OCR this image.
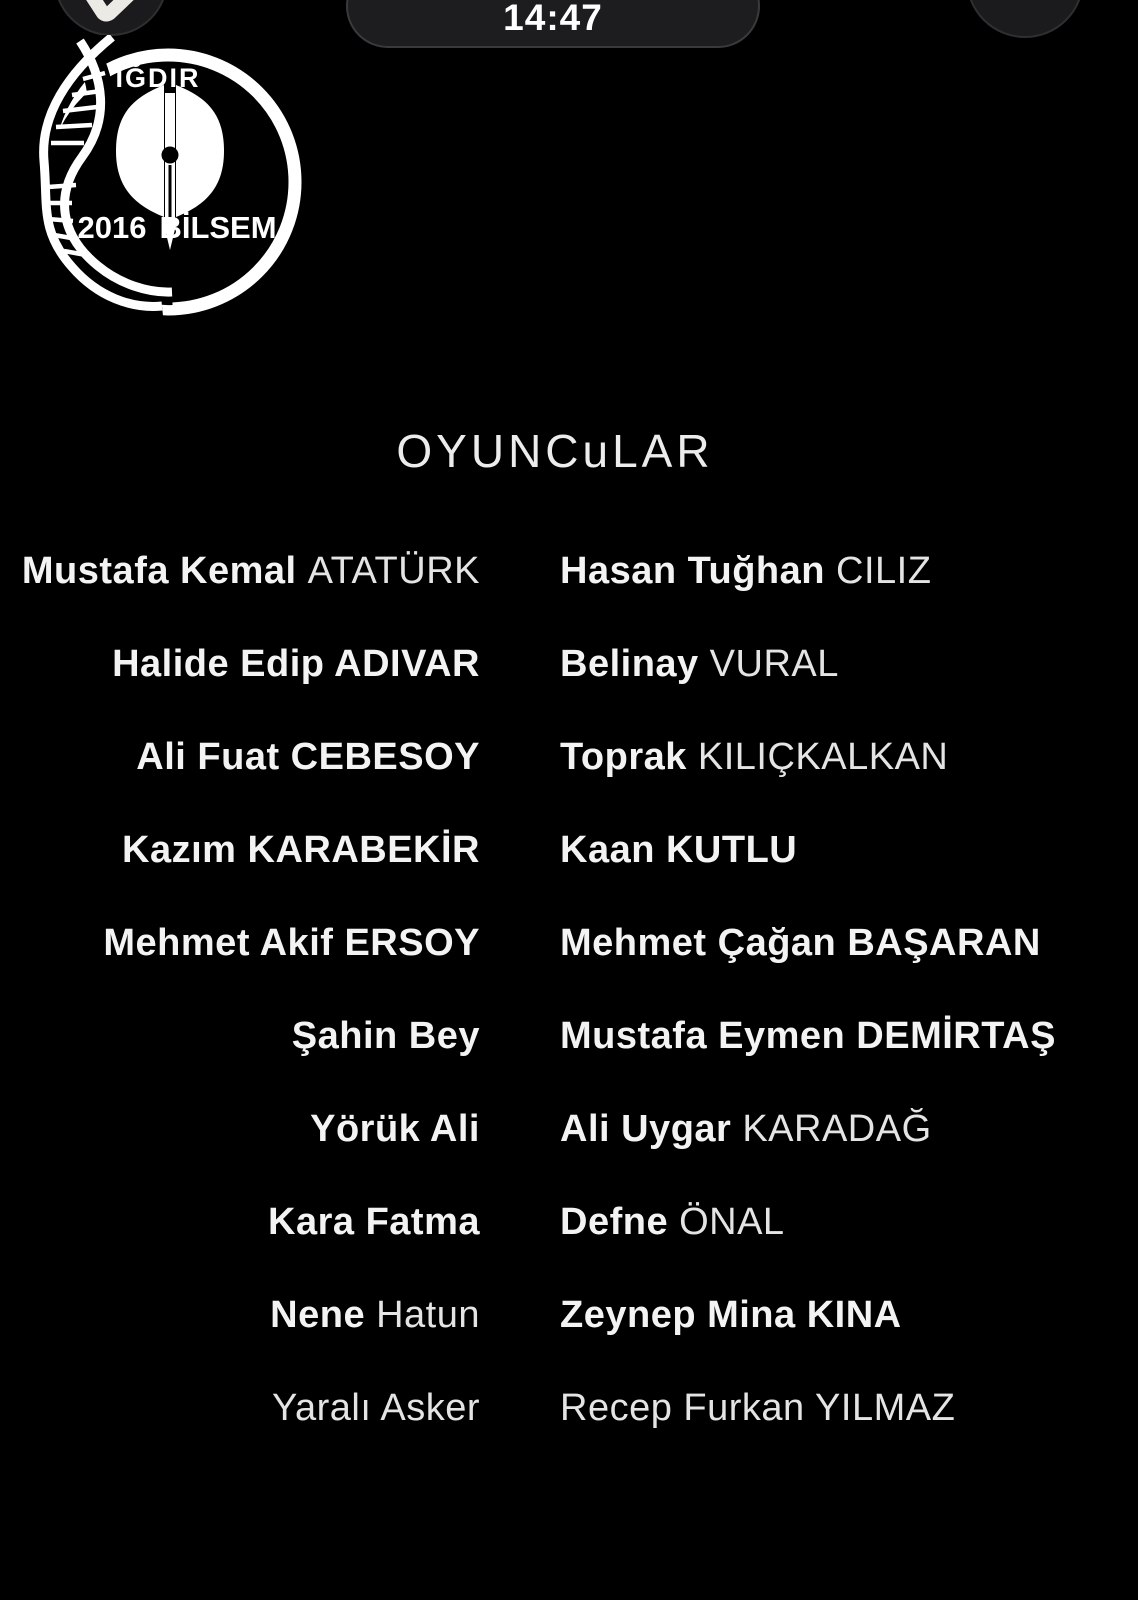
14:47
IĞDIR
2016 BİLSEM
OYUNCuLAR
Mustafa Kemal ATATÜRK Hasan Tuğhan CILIZ
Halide Edip ADIVAR Belinay VURAL
Ali Fuat CEBESOY Toprak KILIÇKALKAN
Kazım KARABEKİR Kaan KUTLU
Mehmet Akif ERSOY Mehmet Çağan BAŞARAN
Şahin Bey Mustafa Eymen DEMİRTAŞ
Yörük Ali Ali Uygar KARADAĞ
Kara Fatma Defne ÖNAL
Nene Hatun Zeynep Mina KINA
Yaralı Asker Recep Furkan YILMAZ
